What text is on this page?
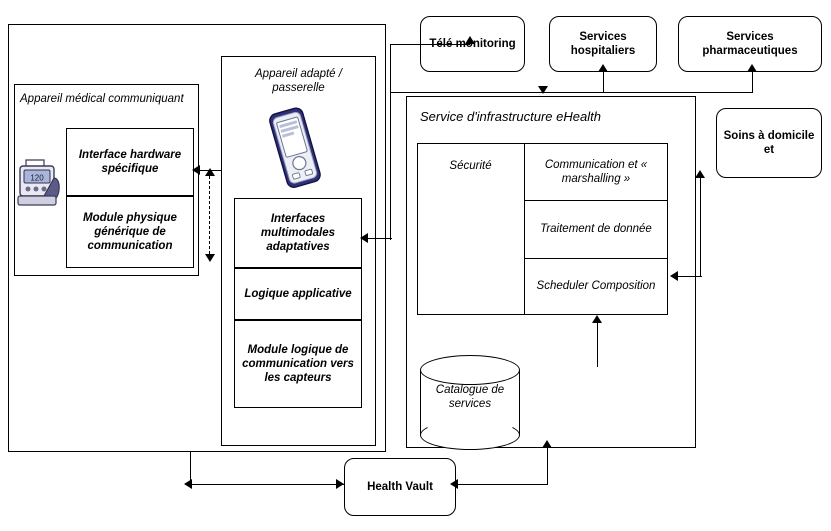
Appareil médical communiquant
120
Interface hardware spécifique
Module physique générique de communication
Appareil adapté / passerelle
Interfaces multimodales adaptatives
Logique applicative
Module logique de communication vers les capteurs
Télé monitoring
Services hospitaliers
Services pharmaceutiques
Service d'infrastructure eHealth
Sécurité	Communication et « marshalling »
Traitement de donnée
Scheduler Composition
Soins à domicile et
Catalogue de services
Health Vault
